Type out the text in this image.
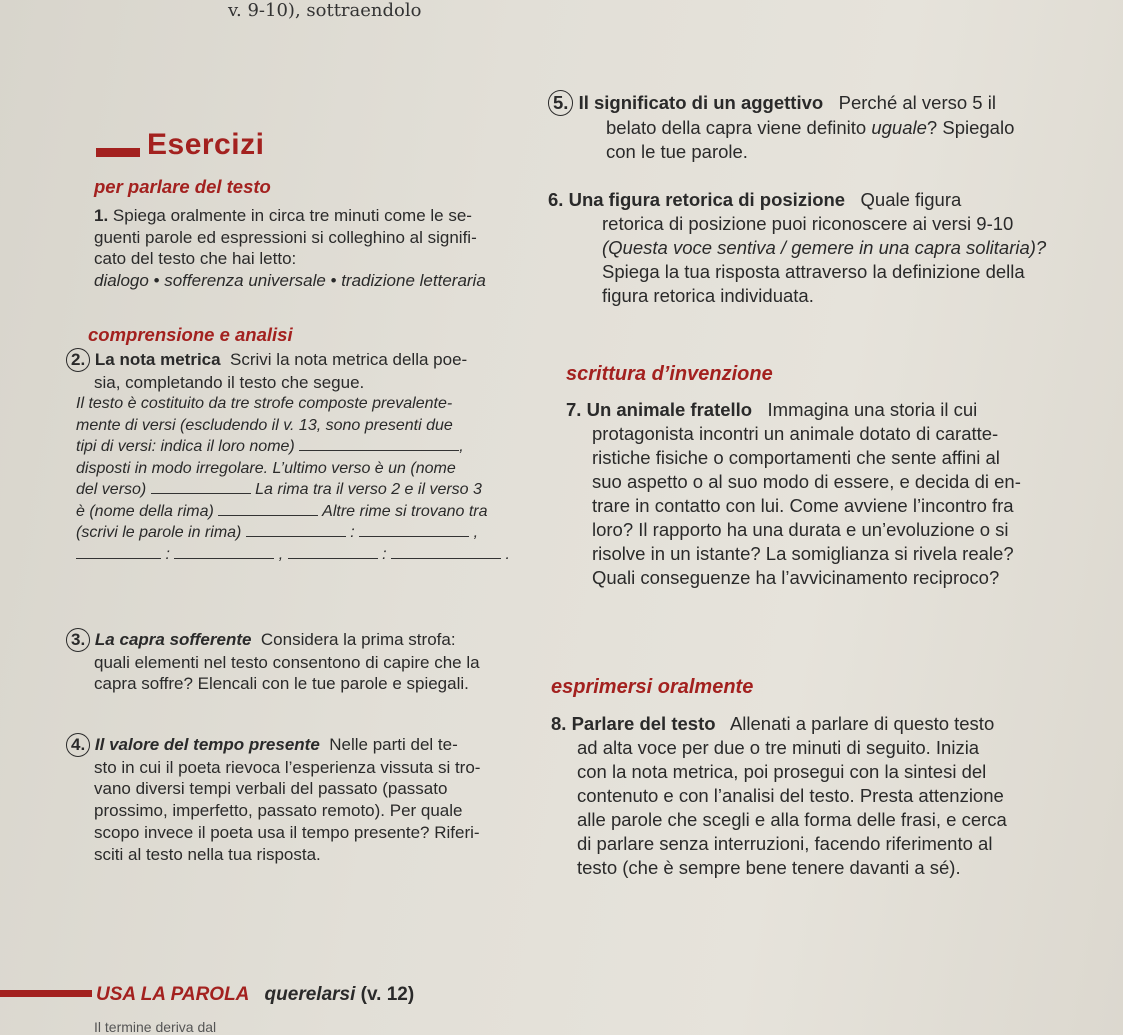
v. 9-10), sottraendolo
Esercizi
per parlare del testo

1. Spiega oralmente in circa tre minuti come le se-

guenti parole ed espressioni si colleghino al signifi-

cato del testo che hai letto:

dialogo • sofferenza universale • tradizione letteraria

comprensione e analisi

2. La nota metrica Scrivi la nota metrica della poe-

sia, completando il testo che segue.

Il testo è costituito da tre strofe composte prevalente-

mente di versi (escludendo il v. 13, sono presenti due

tipi di versi: indica il loro nome)	,

disposti in modo irregolare. L’ultimo verso è un (nome

del verso)	La rima tra il verso 2 e il verso 3

è (nome della rima)	Altre rime si trovano tra

(scrivi le parole in rima)	:	,

:	,	:	.

3. La capra sofferente Considera la prima strofa:

quali elementi nel testo consentono di capire che la

capra soffre? Elencali con le tue parole e spiegali.

4. Il valore del tempo presente Nelle parti del te-

sto in cui il poeta rievoca l’esperienza vissuta si tro-

vano diversi tempi verbali del passato (passato

prossimo, imperfetto, passato remoto). Per quale

scopo invece il poeta usa il tempo presente? Riferi-

sciti al testo nella tua risposta.

5. Il significato di un aggettivo Perché al verso 5 il

belato della capra viene definito uguale? Spiegalo

con le tue parole.

6. Una figura retorica di posizione Quale figura

retorica di posizione puoi riconoscere ai versi 9-10

(Questa voce sentiva / gemere in una capra solitaria)?

Spiega la tua risposta attraverso la definizione della

figura retorica individuata.

scrittura d’invenzione

7. Un animale fratello Immagina una storia il cui

protagonista incontri un animale dotato di caratte-

ristiche fisiche o comportamenti che sente affini al

suo aspetto o al suo modo di essere, e decida di en-

trare in contatto con lui. Come avviene l’incontro fra

loro? Il rapporto ha una durata e un’evoluzione o si

risolve in un istante? La somiglianza si rivela reale?

Quali conseguenze ha l’avvicinamento reciproco?

esprimersi oralmente

8. Parlare del testo Allenati a parlare di questo testo

ad alta voce per due o tre minuti di seguito. Inizia

con la nota metrica, poi prosegui con la sintesi del

contenuto e con l’analisi del testo. Presta attenzione

alle parole che scegli e alla forma delle frasi, e cerca

di parlare senza interruzioni, facendo riferimento al

testo (che è sempre bene tenere davanti a sé).

USA LA PAROLA querelarsi (v. 12)
Il termine deriva dal
